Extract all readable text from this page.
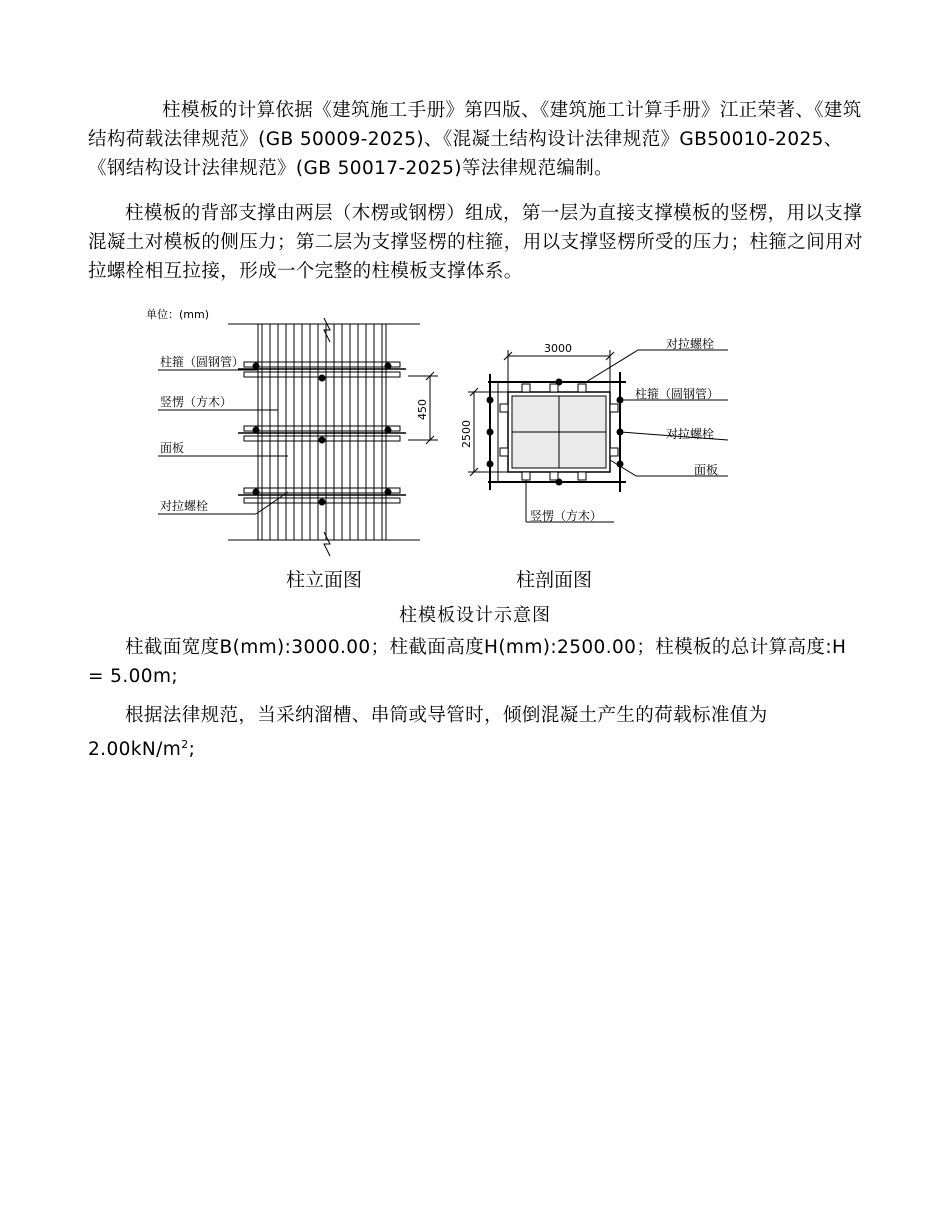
柱模板的计算依据《建筑施工手册》第四版、《建筑施工计算手册》江正荣著、《建筑结构荷载法律规范》(GB 50009-2025)、《混凝土结构设计法律规范》GB50010-2025、《钢结构设计法律规范》(GB 50017-2025)等法律规范编制。

柱模板的背部支撑由两层（木楞或钢楞）组成，第一层为直接支撑模板的竖楞，用以支撑混凝土对模板的侧压力；第二层为支撑竖楞的柱箍，用以支撑竖楞所受的压力；柱箍之间用对拉螺栓相互拉接，形成一个完整的柱模板支撑体系。

单位：(mm)
柱箍（圆钢管）
竖愣（方木）
面板
对拉螺栓
450
柱立面图
3000
2500
对拉螺栓
柱箍（圆钢管）
对拉螺栓
面板
竖愣（方木）
柱剖面图
柱模板设计示意图

柱截面宽度B(mm):3000.00；柱截面高度H(mm):2500.00；柱模板的总计算高度:H = 5.00m;

根据法律规范，当采纳溜槽、串筒或导管时，倾倒混凝土产生的荷载标准值为 $2.00kN/m^2$;
